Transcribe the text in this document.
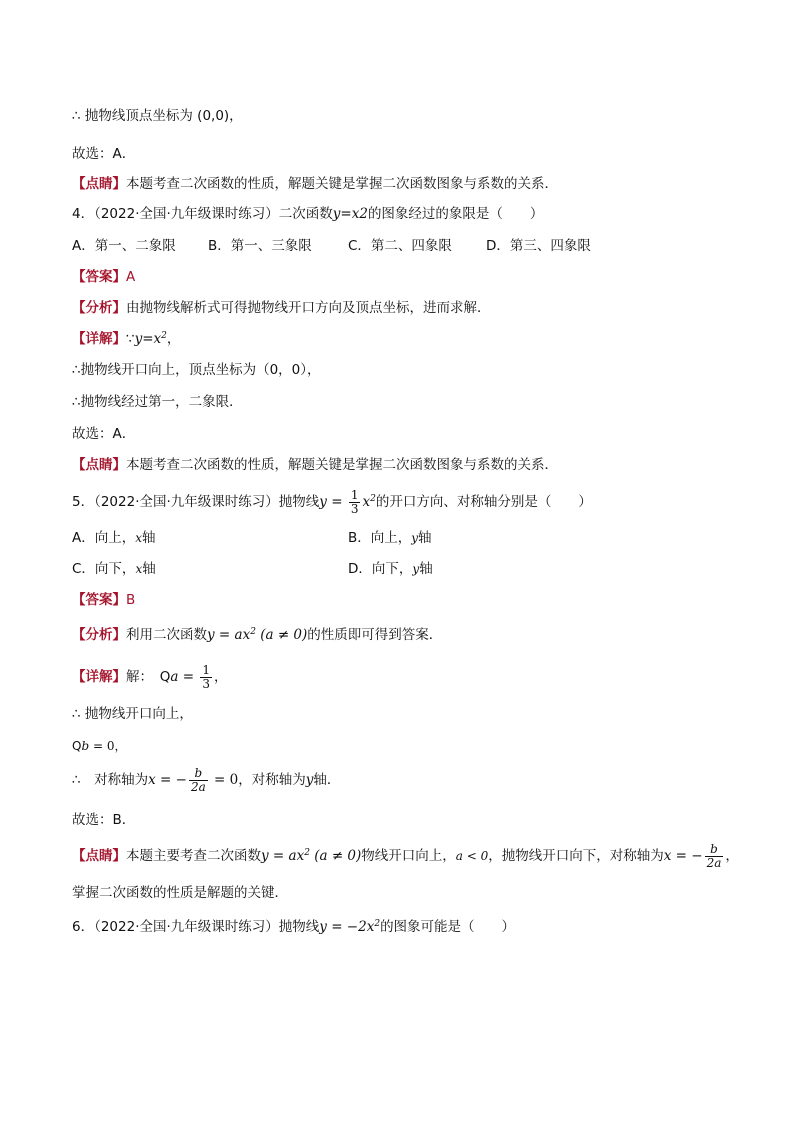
∴ 抛物线顶点坐标为 (0,0)，
故选：A．
【点睛】本题考查二次函数的性质，解题关键是掌握二次函数图象与系数的关系．
4．（2022·全国·九年级课时练习）二次函数y=x2的图象经过的象限是（　　）
A．第一、二象限 B．第一、三象限	C．第二、四象限	D．第三、四象限
【答案】A
【分析】由抛物线解析式可得抛物线开口方向及顶点坐标，进而求解．
【详解】$\because y=x^2$，
∴抛物线开口向上，顶点坐标为（0，0），
∴抛物线经过第一，二象限．
故选：A．
【点睛】本题考查二次函数的性质，解题关键是掌握二次函数图象与系数的关系．
5．（2022·全国·九年级课时练习）抛物线$y = \frac{1}{3} x^2$的开口方向、对称轴分别是（　　）
A．向上，x轴	B．向上，y轴
C．向下，x轴	D．向下，y轴
【答案】B
【分析】利用二次函数$y = ax^2$ (a ≠ 0)的性质即可得到答案．
【详解】解：　$Qa = \frac{1}{3}$ ，
∴ 抛物线开口向上，
Qb = 0，
∴　对称轴为x = − $\frac{b}{2a} = 0$，对称轴为y轴．
故选：B．
【点睛】本题主要考查二次函数$y = ax^2$ (a ≠ 0)物线开口向上，a < 0，抛物线开口向下，对称轴为x = − $\frac{b}{2a}$ ，
掌握二次函数的性质是解题的关键．
6．（2022·全国·九年级课时练习）抛物线$y = -2x^2$的图象可能是（　　）
